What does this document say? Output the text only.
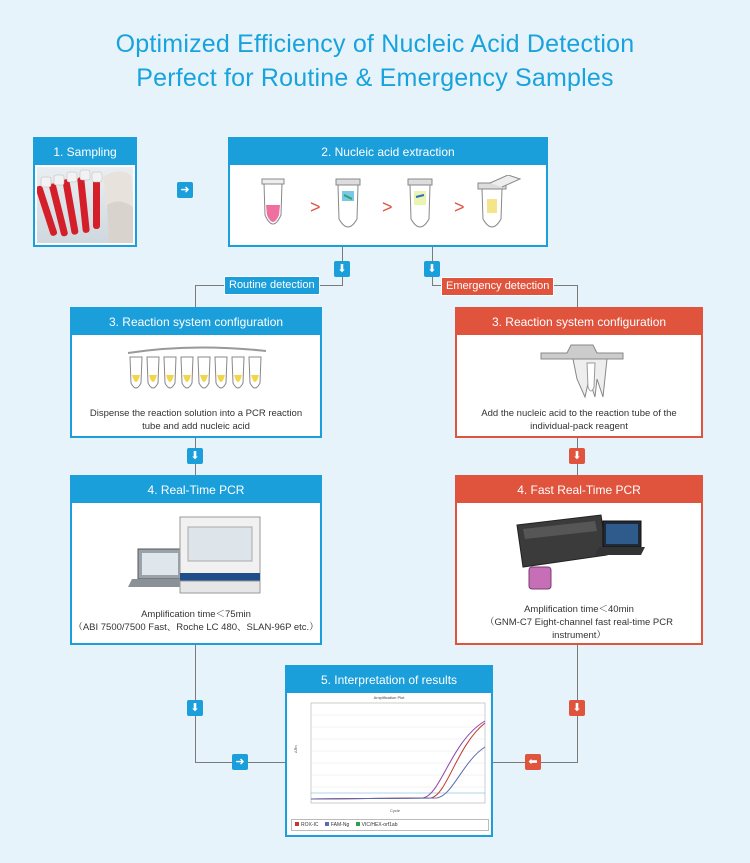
Optimized Efficiency of Nucleic Acid Detection
Perfect for Routine & Emergency Samples
1. Sampling
➜
2. Nucleic acid extraction
>	>	>
⬇	⬇
Routine detection	Emergency detection
3. Reaction system configuration
Dispense the reaction solution into a PCR reaction
tube and add nucleic acid
3. Reaction system configuration
Add the nucleic acid to the reaction tube of the
individual-pack reagent
⬇	⬇
4. Real-Time PCR
Amplification time＜75min
（ABI 7500/7500 Fast、Roche LC 480、SLAN-96P etc.）
4. Fast Real-Time PCR
Amplification time＜40min
（GNM-C7 Eight-channel fast real-time PCR
instrument）
⬇	⬇
➜	⬅
5. Interpretation of results
Amplification Plot
ΔRn
Cycle
ROX-IC FAM-Ng VIC/HEX-orf1ab
